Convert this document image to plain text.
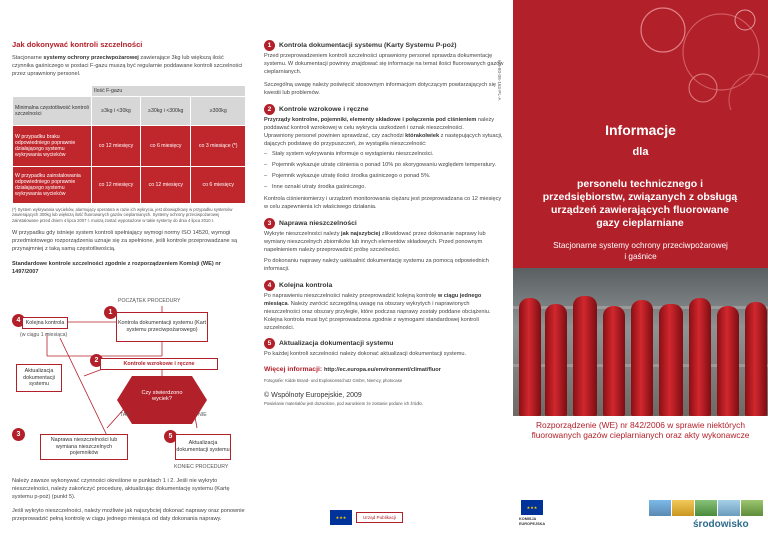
Jak dokonywać kontroli szczelności

Stacjonarne systemy ochrony przeciwpożarowej zawierające 3kg lub większą ilość czynnika gaśniczego w postaci F-gazu muszą być regularnie poddawane kontroli szczelności przez uprawniony personel.

	Ilość F-gazu		
Minimalna częstotliwość kontroli szczelności	≥3kg i <30kg	≥30kg i <300kg	≥300kg
W przypadku braku odpowiedniego poprawnie działającego systemu wykrywania wycieków	co 12 miesięcy	co 6 miesięcy	co 3 miesiące (*)
W przypadku zainstalowania odpowiedniego poprawnie działającego systemu wykrywania wycieków	co 12 miesięcy	co 12 miesięcy	co 6 miesięcy

(*) System wykrywania wycieków, alarmujący operatora w razie ich wykrycia, jest obowiązkowy w przypadku systemów zawierających 300kg lub większą ilość fluorowanych gazów cieplarnianych. Systemy ochrony przeciwpożarowej zainstalowane przed dniem 4 lipca 2007 r. muszą zostać wyposażone w takie systemy do dnia 4 lipca 2010 r.

W przypadku gdy istnieje system kontroli spełniający wymogi normy ISO 14520, wymogi przedmiotowego rozporządzenia uznaje się za spełnione, jeśli kontrole przeprowadzane są przynajmniej z taką samą częstotliwością.

Standardowe kontrole szczelności zgodnie z rozporządzeniem Komisji (WE) nr 1497/2007

POCZĄTEK PROCEDURY
1
Kontrola dokumentacji systemu (Kart systemu przeciwpożarowego)
4 Kolejna kontrola
(w ciągu 1 miesiąca)
2	Kontrole wzrokowe i ręczne
Aktualizacja dokumentacji systemu
Czy stwierdzono wyciek?
TAK	NIE
3
Naprawa nieszczelności lub wymiana nieszczelnych pojemników
5
Aktualizacja dokumentacji systemu
KONIEC PROCEDURY

Należy zawsze wykonywać czynności określone w punktach 1 i 2. Jeśli nie wykryto nieszczelności, należy zakończyć procedurę, aktualizując dokumentację systemu (Kartę systemu p-poż) (punkt 5).

Jeśli wykryto nieszczelności, należy możliwie jak najszybciej dokonać naprawy oraz ponownie przeprowadzić pełną kontrolę w ciągu jednego miesiąca od daty dokonania naprawy.

1	Kontrola dokumentacji systemu (Karty Systemu P-poż)

Przed przeprowadzeniem kontroli szczelności uprawniony personel sprawdza dokumentację systemu. W dokumentacji powinny znajdować się informacje na temat ilości fluorowanych gazów cieplarnianych.

Szczególną uwagę należy poświęcić stosownym informacjom dotyczącym powtarzających się kwestii lub problemów.

2	Kontrole wzrokowe i ręczne

Przyrządy kontrolne, pojemniki, elementy składowe i połączenia pod ciśnieniem należy poddawać kontroli wzrokowej w celu wykrycia uszkodzeń i oznak nieszczelności.

Uprawniony personel powinien sprawdzać, czy zachodzi którakolwiek z następujących sytuacji, dających podstawę do przypuszczeń, że wystąpiła nieszczelność:

– Stały system wykrywania informuje o wystąpieniu nieszczelności.
– Pojemnik wykazuje utratę ciśnienia o ponad 10% po skorygowaniu względem temperatury.
– Pojemnik wykazuje utratę ilości środka gaśniczego o ponad 5%.
– Inne oznaki utraty środka gaśniczego.

Kontrola ciśnieniomierzy i urządzeń monitorowania ciężaru jest przeprowadzana co 12 miesięcy w celu zapewnienia ich właściwego działania.

3	Naprawa nieszczelności

Wykryte nieszczelności należy jak najszybciej zlikwidować przez dokonanie naprawy lub wymiany nieszczelnych zbiorników lub innych elementów składowych. Przed ponownym napełnieniem należy przeprowadzić próbę szczelności.

Po dokonaniu naprawy należy uaktualnić dokumentację systemu za pomocą odpowiednich informacji.

4	Kolejna kontrola

Po naprawieniu nieszczelności należy przeprowadzić kolejną kontrolę w ciągu jednego miesiąca. Należy zwrócić szczególną uwagę na obszary wykrytych i naprawionych nieszczelności oraz obszary przyległe, które podczas naprawy zostały poddane obciążeniu. Kolejna kontrola musi być przeprowadzona zgodnie z wymogami standardowej kontroli szczelności.

5	Aktualizacja dokumentacji systemu

Po każdej kontroli szczelności należy dokonać aktualizacji dokumentacji systemu.

Więcej informacji: http://ec.europa.eu/environment/climat/fluor

Fotografie: Kidde Brand- und Explosionsschutz GmbH, Niemcy, photocase

© Wspólnoty Europejskie, 2009

Powielanie materiałów jest dozwolone, pod warunkiem że zostanie podane ich źródło.

★★★	Urząd Publikacji
KH-80-08-163-PL-A
Informacje
dla
personelu technicznego i przedsiębiorstw, związanych z obsługą urządzeń zawierających fluorowane gazy cieplarniane
Stacjonarne systemy ochrony przeciwpożarowej i gaśnice
Rozporządzenie (WE) nr 842/2006 w sprawie niektórych fluorowanych gazów cieplarnianych oraz akty wykonawcze
★★★
KOMISJA EUROPEJSKA	środowisko
